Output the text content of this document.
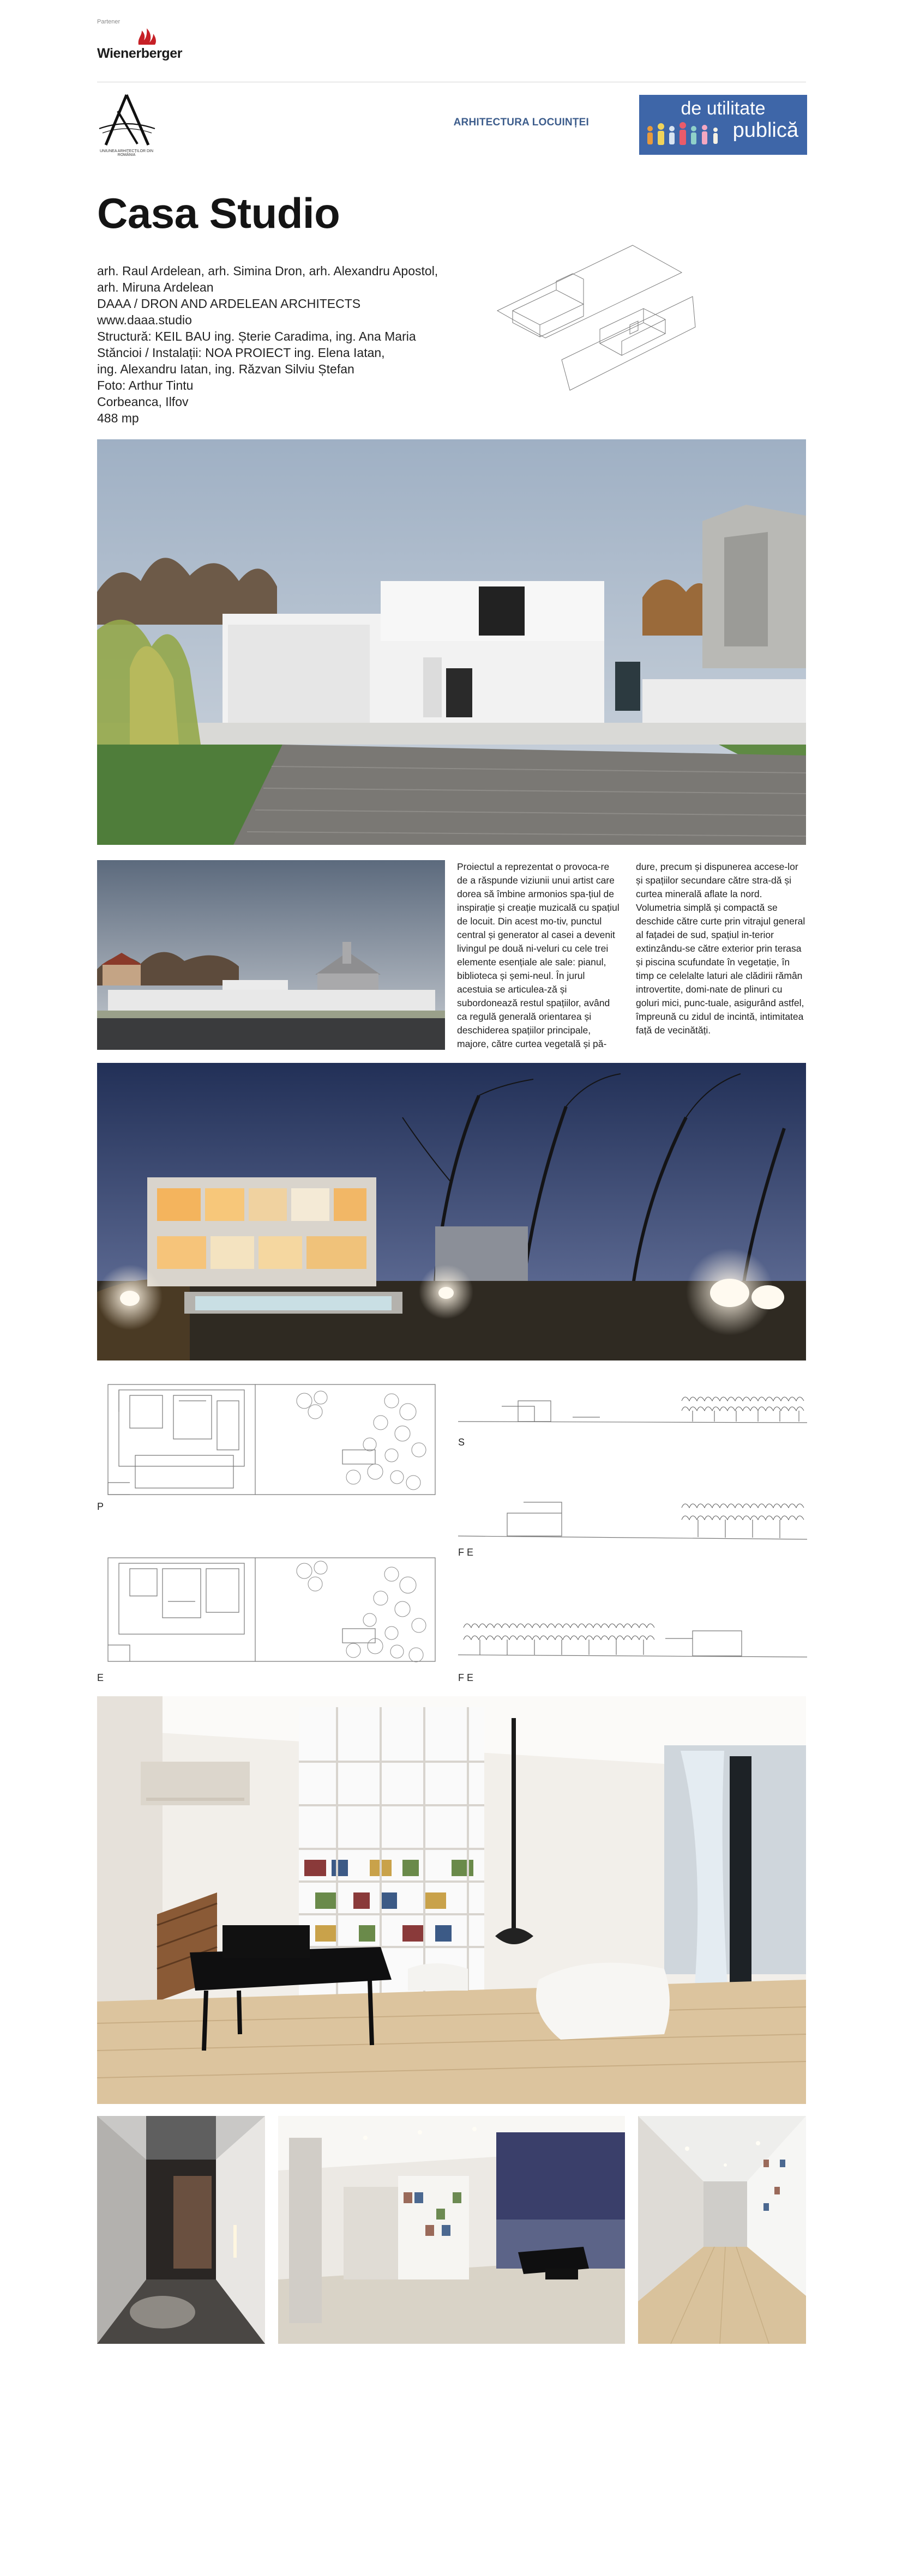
Partener
Wienerberger
UNIUNEA ARHITECȚILOR DIN ROMÂNIA
ARHITECTURA LOCUINȚEI
de utilitate
publică
Casa Studio
arh. Raul Ardelean, arh. Simina Dron, arh. Alexandru Apostol,
arh. Miruna Ardelean
DAAA / DRON AND ARDELEAN ARCHITECTS
www.daaa.studio
Structură: KEIL BAU ing. Șterie Caradima, ing. Ana Maria
Stăncioi / Instalații: NOA PROIECT ing. Elena Iatan,
ing. Alexandru Iatan, ing. Răzvan Silviu Ștefan
Foto: Arthur Tintu
Corbeanca, Ilfov
488 mp

Proiectul a reprezentat o provoca-re de a răspunde viziunii unui artist care dorea să îmbine armonios spa-țiul de inspirație și creație muzicală cu spațiul de locuit. Din acest mo-tiv, punctul central și generator al casei a devenit livingul pe două ni-veluri cu cele trei elemente esențiale ale sale: pianul, biblioteca și șemi-neul. În jurul acestuia se articulea-ză și subordonează restul spațiilor, având ca regulă generală orientarea și deschiderea spațiilor principale, majore, către curtea vegetală și pă-

dure, precum și dispunerea accese-lor și spațiilor secundare către stra-dă și curtea minerală aflate la nord. Volumetria simplă și compactă se deschide către curte prin vitrajul general al fațadei de sud, spațiul in-terior extinzându-se către exterior prin terasa și piscina scufundate în vegetație, în timp ce celelalte laturi ale clădirii rămân introvertite, domi-nate de plinuri cu goluri mici, punc-tuale, asigurând astfel, împreună cu zidul de incintă, intimitatea față de vecinătăți.

P
S
F E
E	F E
